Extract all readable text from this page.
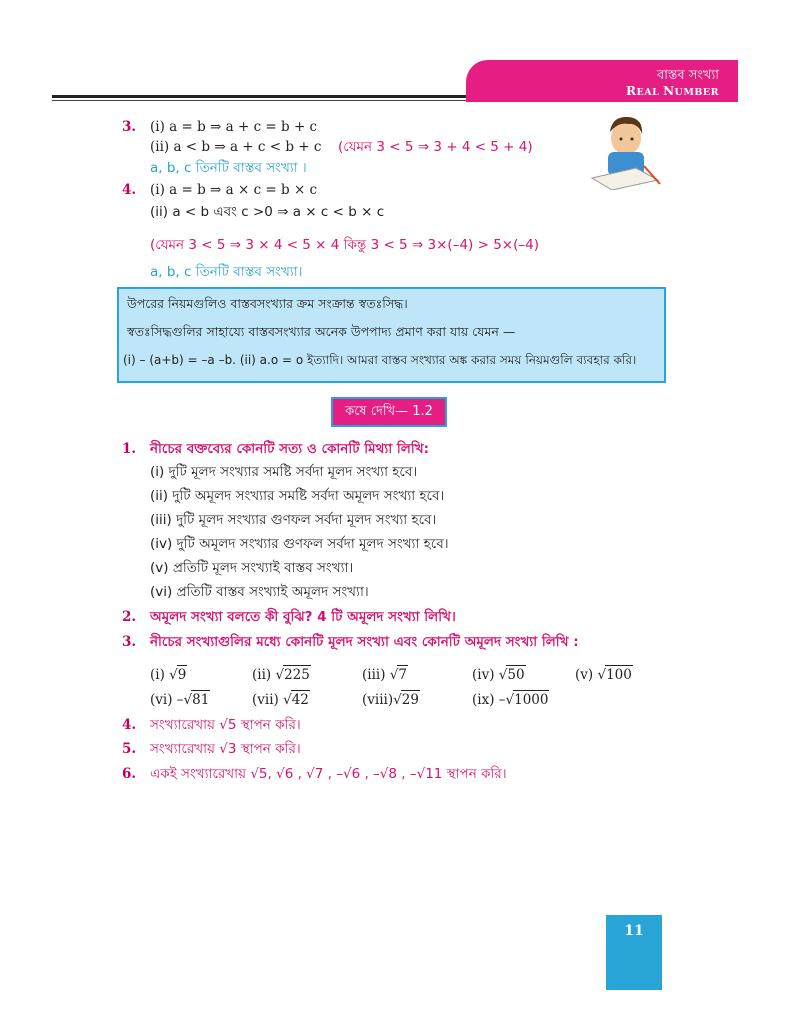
বাস্তব সংখ্যা
REAL NUMBER
3. (i) a = b ⇒ a + c = b + c
(ii) a < b ⇒ a + c < b + c (যেমন 3 < 5 ⇒ 3 + 4 < 5 + 4)
a, b, c তিনটি বাস্তব সংখ্যা ।
4. (i) a = b ⇒ a × c = b × c
(ii) a < b এবং c >0 ⇒ a × c < b × c
(যেমন 3 < 5 ⇒ 3 × 4 < 5 × 4 কিন্তু 3 < 5 ⇒ 3×(–4) > 5×(–4)
a, b, c তিনটি বাস্তব সংখ্যা।
উপরের নিয়মগুলিও বাস্তবসংখ্যার ক্রম সংক্রান্ত স্বতঃসিদ্ধ।
স্বতঃসিদ্ধগুলির সাহায্যে বাস্তবসংখ্যার অনেক উপপাদ্য প্রমাণ করা যায় যেমন —
(i) – (a+b) = –a –b. (ii) a.o = o ইত্যাদি। আমরা বাস্তব সংখ্যার অঙ্ক করার সময় নিয়মগুলি ব্যবহার করি।
কষে দেখি— 1.2
1. নীচের বক্তব্যের কোনটি সত্য ও কোনটি মিথ্যা লিখি:
(i) দুটি মূলদ সংখ্যার সমষ্টি সর্বদা মূলদ সংখ্যা হবে।
(ii) দুটি অমূলদ সংখ্যার সমষ্টি সর্বদা অমূলদ সংখ্যা হবে।
(iii) দুটি মূলদ সংখ্যার গুণফল সর্বদা মূলদ সংখ্যা হবে।
(iv) দুটি অমূলদ সংখ্যার গুণফল সর্বদা মূলদ সংখ্যা হবে।
(v) প্রতিটি মূলদ সংখ্যাই বাস্তব সংখ্যা।
(vi) প্রতিটি বাস্তব সংখ্যাই অমূলদ সংখ্যা।
2. অমূলদ সংখ্যা বলতে কী বুঝি? 4 টি অমূলদ সংখ্যা লিখি।
3. নীচের সংখ্যাগুলির মধ্যে কোনটি মূলদ সংখ্যা এবং কোনটি অমূলদ সংখ্যা লিখি :
(i) √9	(ii) √225	(iii) √7	(iv) √50	(v) √100
(vi) –√81	(vii) √42	(viii)√29	(ix) –√1000
4. সংখ্যারেখায় √5 স্থাপন করি।
5. সংখ্যারেখায় √3 স্থাপন করি।
6. একই সংখ্যারেখায় √5, √6 , √7 , –√6 , –√8 , –√11 স্থাপন করি।
11
